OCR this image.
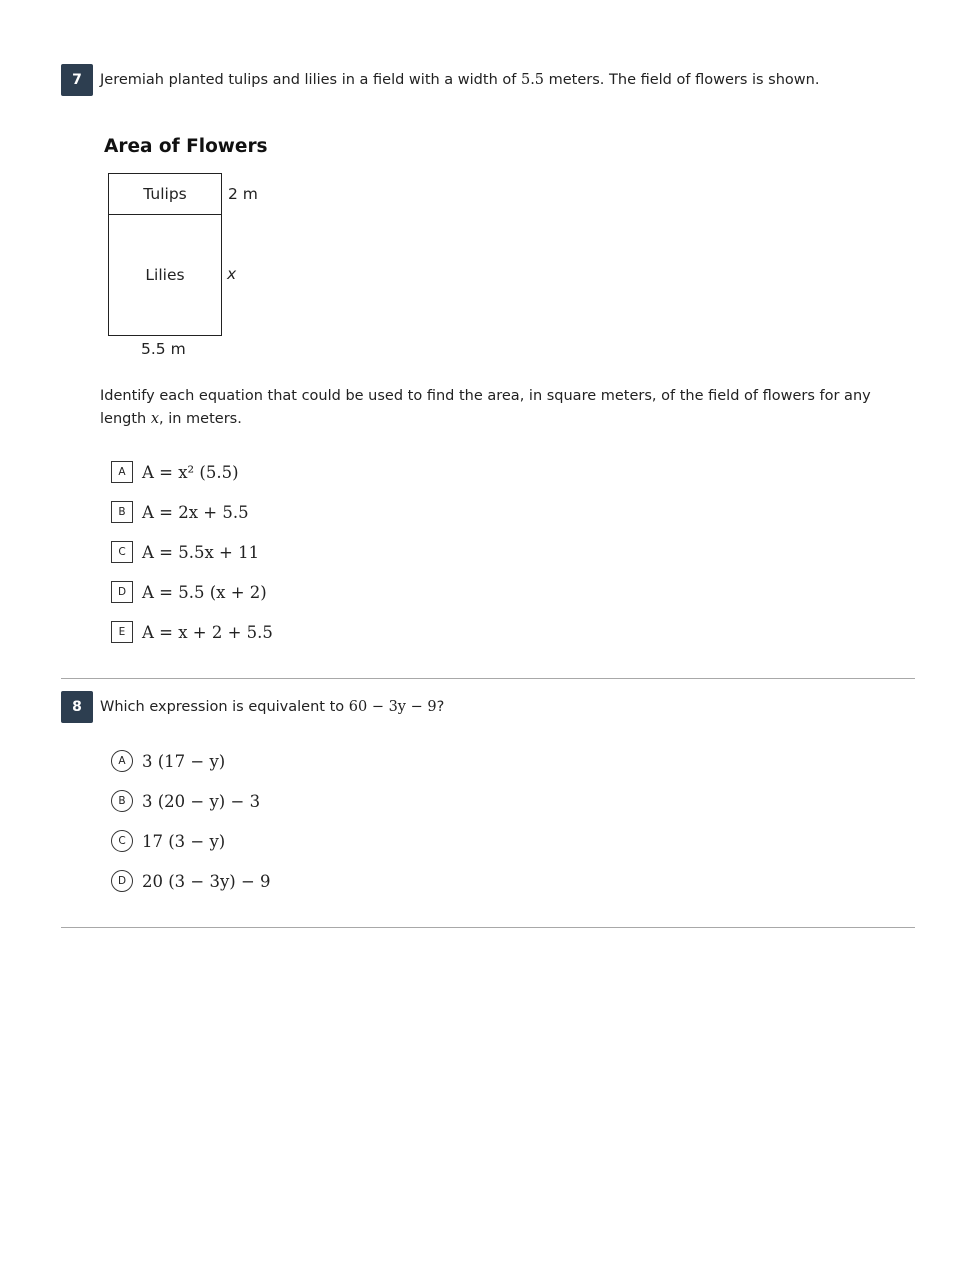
7	Jeremiah planted tulips and lilies in a field with a width of 5.5 meters. The field of flowers is shown.
Area of Flowers
Tulips
Lilies
2 m
x
5.5 m
Identify each equation that could be used to find the area, in square meters, of the field of flowers for any length x, in meters.
A A = x² (5.5)
B A = 2x + 5.5
C A = 5.5x + 11
D A = 5.5 (x + 2)
E	A = x + 2 + 5.5
8	Which expression is equivalent to 60 − 3y − 9?
A 3 (17 − y)
B 3 (20 − y) − 3
C 17 (3 − y)
D 20 (3 − 3y) − 9
